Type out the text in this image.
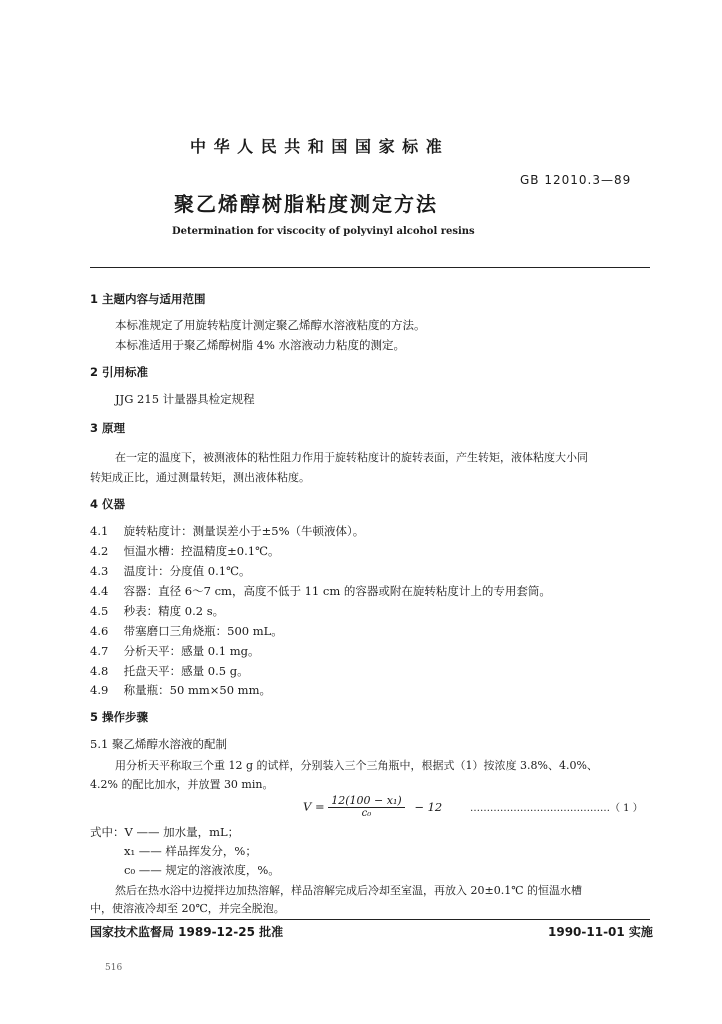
中 华 人 民 共 和 国 国 家 标 准
GB 12010.3—89
聚乙烯醇树脂粘度测定方法
Determination for viscocity of polyvinyl alcohol resins
1 主题内容与适用范围
本标准规定了用旋转粘度计测定聚乙烯醇水溶液粘度的方法。
本标准适用于聚乙烯醇树脂 4% 水溶液动力粘度的测定。
2 引用标准
JJG 215 计量器具检定规程
3 原理
在一定的温度下，被测液体的粘性阻力作用于旋转粘度计的旋转表面，产生转矩，液体粘度大小同
转矩成正比，通过测量转矩，测出液体粘度。
4 仪器
4.1 旋转粘度计：测量误差小于±5%（牛顿液体）。
4.2 恒温水槽：控温精度±0.1℃。
4.3 温度计：分度值 0.1℃。
4.4 容器：直径 6～7 cm，高度不低于 11 cm 的容器或附在旋转粘度计上的专用套筒。
4.5 秒表：精度 0.2 s。
4.6 带塞磨口三角烧瓶：500 mL。
4.7 分析天平：感量 0.1 mg。
4.8 托盘天平：感量 0.5 g。
4.9 称量瓶：50 mm×50 mm。
5 操作步骤
5.1 聚乙烯醇水溶液的配制
用分析天平称取三个重 12 g 的试样，分别装入三个三角瓶中，根据式（1）按浓度 3.8%、4.0%、
4.2% 的配比加水，并放置 30 min。
$V = \frac{\text{12(100 − x₁)}}{\text{c₀}} - 12$	……………………………………（ 1 ）
式中：V —— 加水量，mL；
x₁ —— 样品挥发分，%；
c₀ —— 规定的溶液浓度，%。
然后在热水浴中边搅拌边加热溶解，样品溶解完成后冷却至室温，再放入 20±0.1℃ 的恒温水槽
中，使溶液冷却至 20℃，并完全脱泡。
国家技术监督局 1989-12-25 批准	1990-11-01 实施
516
